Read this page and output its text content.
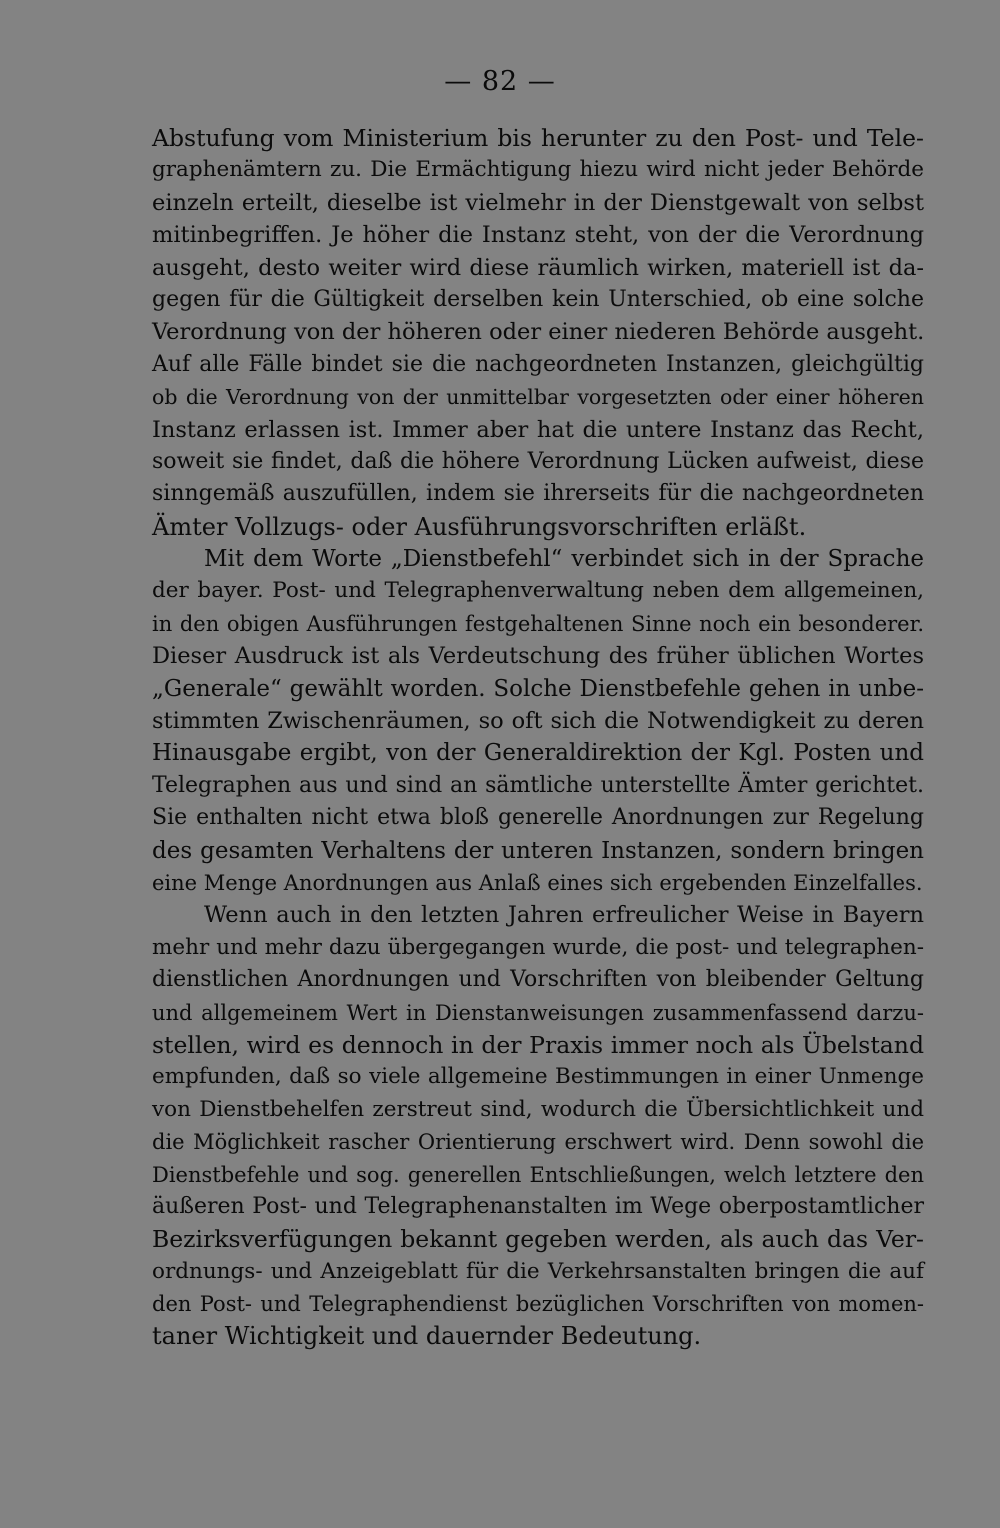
— 82 —
Abstufung vom Ministerium bis herunter zu den Post- und Tele-
graphenämtern zu. Die Ermächtigung hiezu wird nicht jeder Behörde
einzeln erteilt, dieselbe ist vielmehr in der Dienstgewalt von selbst
mitinbegriffen. Je höher die Instanz steht, von der die Verordnung
ausgeht, desto weiter wird diese räumlich wirken, materiell ist da-
gegen für die Gültigkeit derselben kein Unterschied, ob eine solche
Verordnung von der höheren oder einer niederen Behörde ausgeht.
Auf alle Fälle bindet sie die nachgeordneten Instanzen, gleichgültig
ob die Verordnung von der unmittelbar vorgesetzten oder einer höheren
Instanz erlassen ist. Immer aber hat die untere Instanz das Recht,
soweit sie findet, daß die höhere Verordnung Lücken aufweist, diese
sinngemäß auszufüllen, indem sie ihrerseits für die nachgeordneten
Ämter Vollzugs- oder Ausführungsvorschriften erläßt.
Mit dem Worte „Dienstbefehl“ verbindet sich in der Sprache
der bayer. Post- und Telegraphenverwaltung neben dem allgemeinen,
in den obigen Ausführungen festgehaltenen Sinne noch ein besonderer.
Dieser Ausdruck ist als Verdeutschung des früher üblichen Wortes
„Generale“ gewählt worden. Solche Dienstbefehle gehen in unbe-
stimmten Zwischenräumen, so oft sich die Notwendigkeit zu deren
Hinausgabe ergibt, von der Generaldirektion der Kgl. Posten und
Telegraphen aus und sind an sämtliche unterstellte Ämter gerichtet.
Sie enthalten nicht etwa bloß generelle Anordnungen zur Regelung
des gesamten Verhaltens der unteren Instanzen, sondern bringen
eine Menge Anordnungen aus Anlaß eines sich ergebenden Einzelfalles.
Wenn auch in den letzten Jahren erfreulicher Weise in Bayern
mehr und mehr dazu übergegangen wurde, die post- und telegraphen-
dienstlichen Anordnungen und Vorschriften von bleibender Geltung
und allgemeinem Wert in Dienstanweisungen zusammenfassend darzu-
stellen, wird es dennoch in der Praxis immer noch als Übelstand
empfunden, daß so viele allgemeine Bestimmungen in einer Unmenge
von Dienstbehelfen zerstreut sind, wodurch die Übersichtlichkeit und
die Möglichkeit rascher Orientierung erschwert wird. Denn sowohl die
Dienstbefehle und sog. generellen Entschließungen, welch letztere den
äußeren Post- und Telegraphenanstalten im Wege oberpostamtlicher
Bezirksverfügungen bekannt gegeben werden, als auch das Ver-
ordnungs- und Anzeigeblatt für die Verkehrsanstalten bringen die auf
den Post- und Telegraphendienst bezüglichen Vorschriften von momen-
taner Wichtigkeit und dauernder Bedeutung.
